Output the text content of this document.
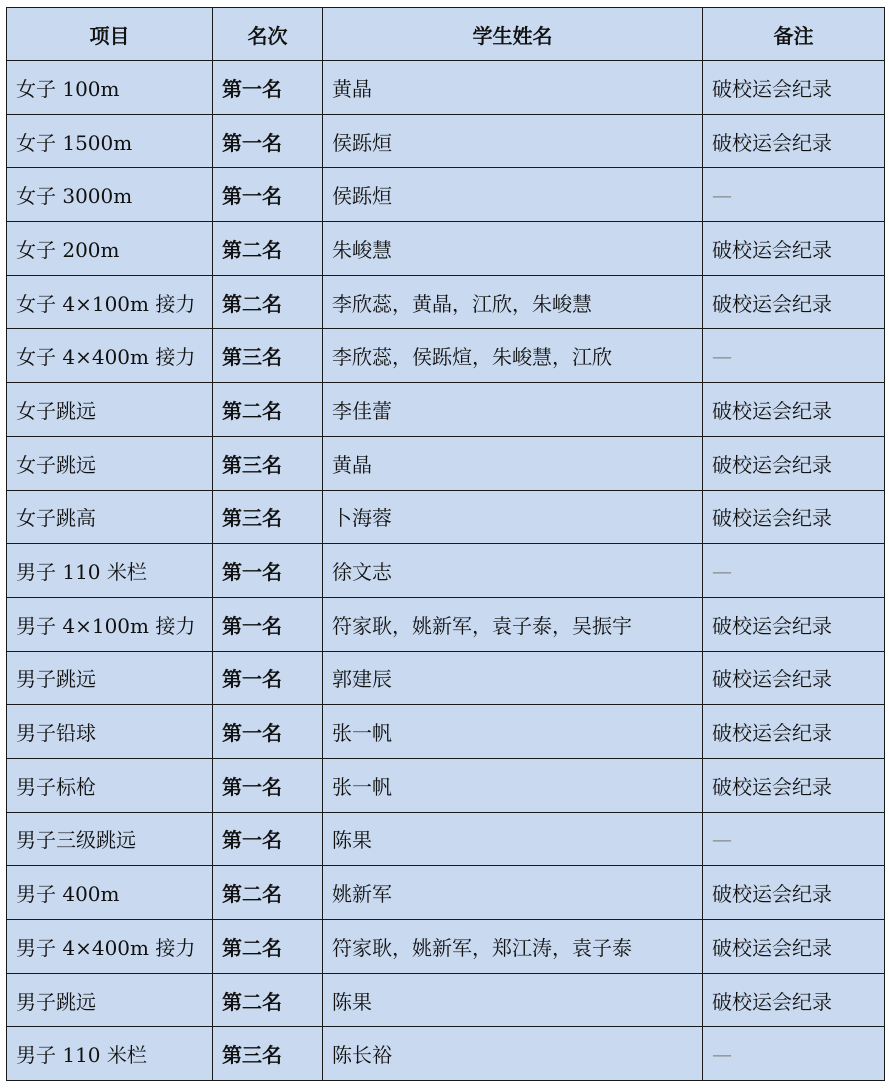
项目	名次	学生姓名	备注
女子 100m	第一名	黄晶	破校运会纪录
女子 1500m	第一名	侯跞烜	破校运会纪录
女子 3000m	第一名	侯跞烜	—
女子 200m	第二名	朱峻慧	破校运会纪录
女子 4×100m 接力	第二名	李欣蕊，黄晶，江欣，朱峻慧	破校运会纪录
女子 4×400m 接力	第三名	李欣蕊，侯跞煊，朱峻慧，江欣	—
女子跳远	第二名	李佳蕾	破校运会纪录
女子跳远	第三名	黄晶	破校运会纪录
女子跳高	第三名	卜海蓉	破校运会纪录
男子 110 米栏	第一名	徐文志	—
男子 4×100m 接力	第一名	符家耿，姚新军，袁子泰，吴振宇	破校运会纪录
男子跳远	第一名	郭建辰	破校运会纪录
男子铅球	第一名	张一帆	破校运会纪录
男子标枪	第一名	张一帆	破校运会纪录
男子三级跳远	第一名	陈果	—
男子 400m	第二名	姚新军	破校运会纪录
男子 4×400m 接力	第二名	符家耿，姚新军，郑江涛，袁子泰	破校运会纪录
男子跳远	第二名	陈果	破校运会纪录
男子 110 米栏	第三名	陈长裕	—
